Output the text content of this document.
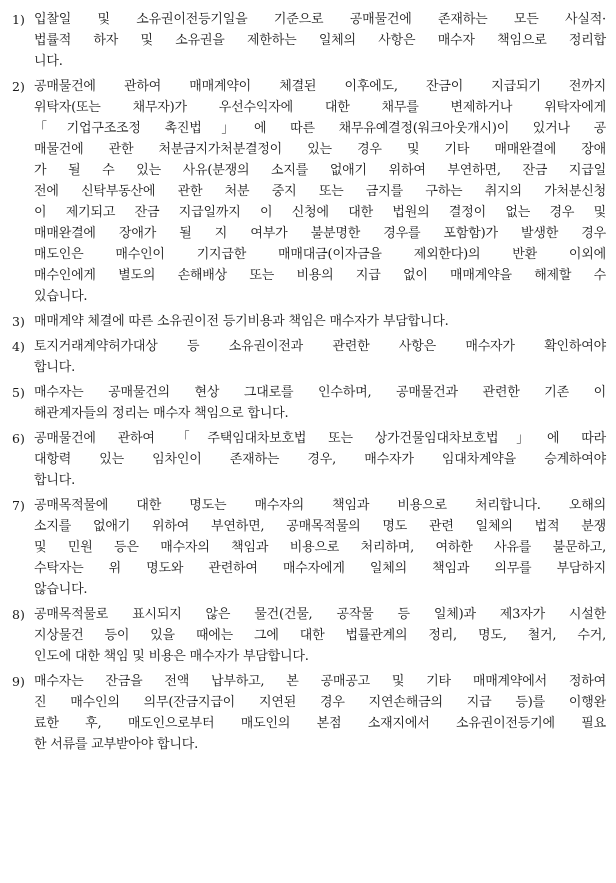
1) 입찰일 및 소유권이전등기일을 기준으로 공매물건에 존재하는 모든 사실적·
법률적 하자 및 소유권을 제한하는 일체의 사항은 매수자 책임으로 정리합
니다.
2) 공매물건에 관하여 매매계약이 체결된 이후에도, 잔금이 지급되기 전까지
위탁자(또는 채무자)가 우선수익자에 대한 채무를 변제하거나 위탁자에게
「기업구조조정 촉진법」에 따른 채무유예결정(워크아웃개시)이 있거나 공
매물건에 관한 처분금지가처분결정이 있는 경우 및 기타 매매완결에 장애
가 될 수 있는 사유(분쟁의 소지를 없애기 위하여 부연하면, 잔금 지급일
전에 신탁부동산에 관한 처분 중지 또는 금지를 구하는 취지의 가처분신청
이 제기되고 잔금 지급일까지 이 신청에 대한 법원의 결정이 없는 경우 및
매매완결에 장애가 될 지 여부가 불분명한 경우를 포함함)가 발생한 경우
매도인은 매수인이 기지급한 매매대금(이자금을 제외한다)의 반환 이외에
매수인에게 별도의 손해배상 또는 비용의 지급 없이 매매계약을 해제할 수
있습니다.
3) 매매계약 체결에 따른 소유권이전 등기비용과 책임은 매수자가 부담합니다.
4) 토지거래계약허가대상 등 소유권이전과 관련한 사항은 매수자가 확인하여야
합니다.
5) 매수자는 공매물건의 현상 그대로를 인수하며, 공매물건과 관련한 기존 이
해관계자들의 정리는 매수자 책임으로 합니다.
6) 공매물건에 관하여 「주택임대차보호법 또는 상가건물임대차보호법」에 따라
대항력 있는 임차인이 존재하는 경우, 매수자가 임대차계약을 승계하여야
합니다.
7) 공매목적물에 대한 명도는 매수자의 책임과 비용으로 처리합니다. 오해의
소지를 없애기 위하여 부연하면, 공매목적물의 명도 관련 일체의 법적 분쟁
및 민원 등은 매수자의 책임과 비용으로 처리하며, 여하한 사유를 불문하고,
수탁자는 위 명도와 관련하여 매수자에게 일체의 책임과 의무를 부담하지
않습니다.
8) 공매목적물로 표시되지 않은 물건(건물, 공작물 등 일체)과 제3자가 시설한
지상물건 등이 있을 때에는 그에 대한 법률관계의 정리, 명도, 철거, 수거,
인도에 대한 책임 및 비용은 매수자가 부담합니다.
9) 매수자는 잔금을 전액 납부하고, 본 공매공고 및 기타 매매계약에서 정하여
진 매수인의 의무(잔금지급이 지연된 경우 지연손해금의 지급 등)를 이행완
료한 후, 매도인으로부터 매도인의 본점 소재지에서 소유권이전등기에 필요
한 서류를 교부받아야 합니다.
